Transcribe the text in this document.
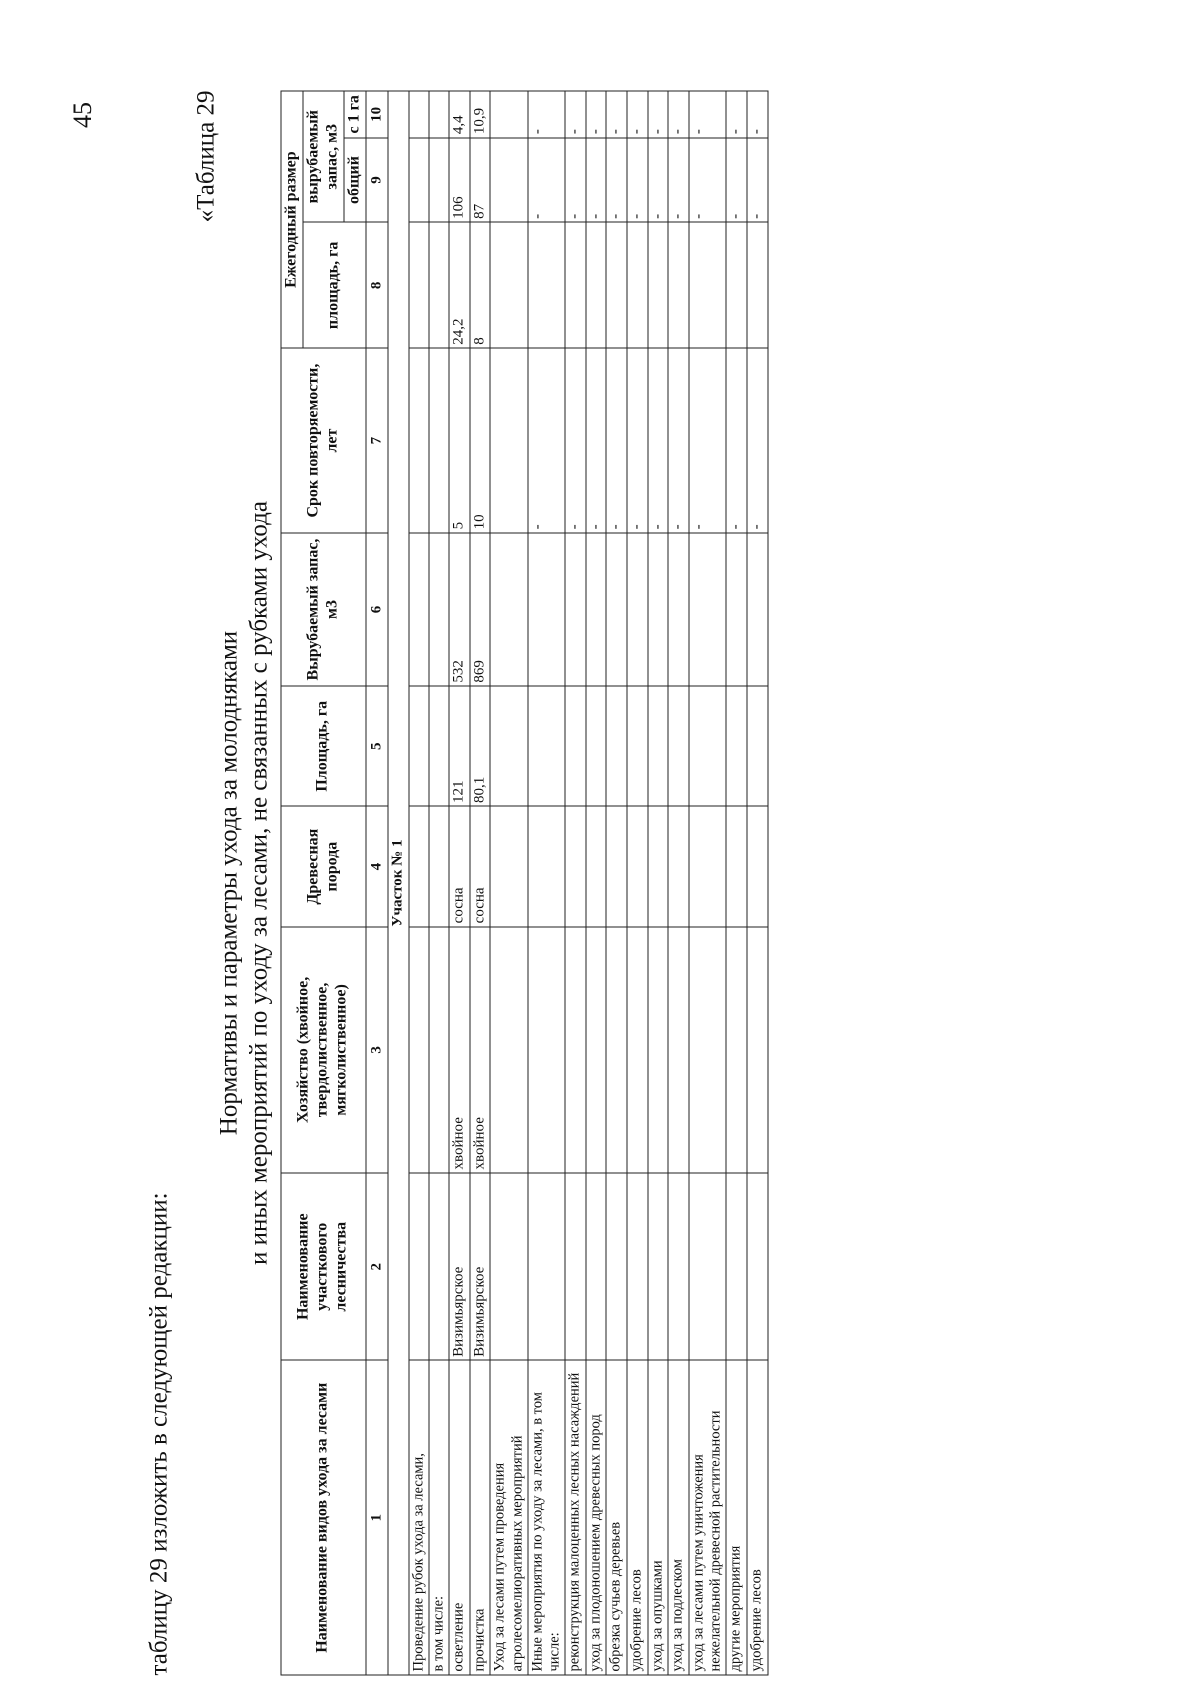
45
таблицу 29 изложить в следующей редакции:
«Таблица 29
Нормативы и параметры ухода за молодняками и иных мероприятий по уходу за лесами, не связанных с рубками ухода
Наименование видов ухода за лесами	Наименование участкового лесничества	Хозяйство (хвойное, твердолиственное, мягколиственное)	Древесная порода	Площадь, га	Вырубаемый запас, м3	Срок повторяемости, лет	Ежегодный размер		
							площадь, га	вырубаемый запас, м3	
								общий	с 1 га
1	2	3	4	5	6	7	8	9	10
Участок № 1									
Проведение рубок ухода за лесами,									
в том числе:									
осветление	Визимьярское	хвойное	сосна	121	532	5	24,2	106	4,4
прочистка	Визимьярское	хвойное	сосна	80,1	869	10	8	87	10,9
Уход за лесами путем проведения агролесомелиоративных мероприятий									
Иные мероприятия по уходу за лесами, в том числе:						-		-	-
реконструкция малоценных лесных насаждений						-		-	-
уход за плодоношением древесных пород						-		-	-
обрезка сучьев деревьев						-		-	-
удобрение лесов						-		-	-
уход за опушками						-		-	-
уход за подлеском						-		-	-
уход за лесами путем уничтожения нежелательной древесной растительности						-		-	-
другие мероприятия						-		-	-
удобрение лесов						-		-	-
